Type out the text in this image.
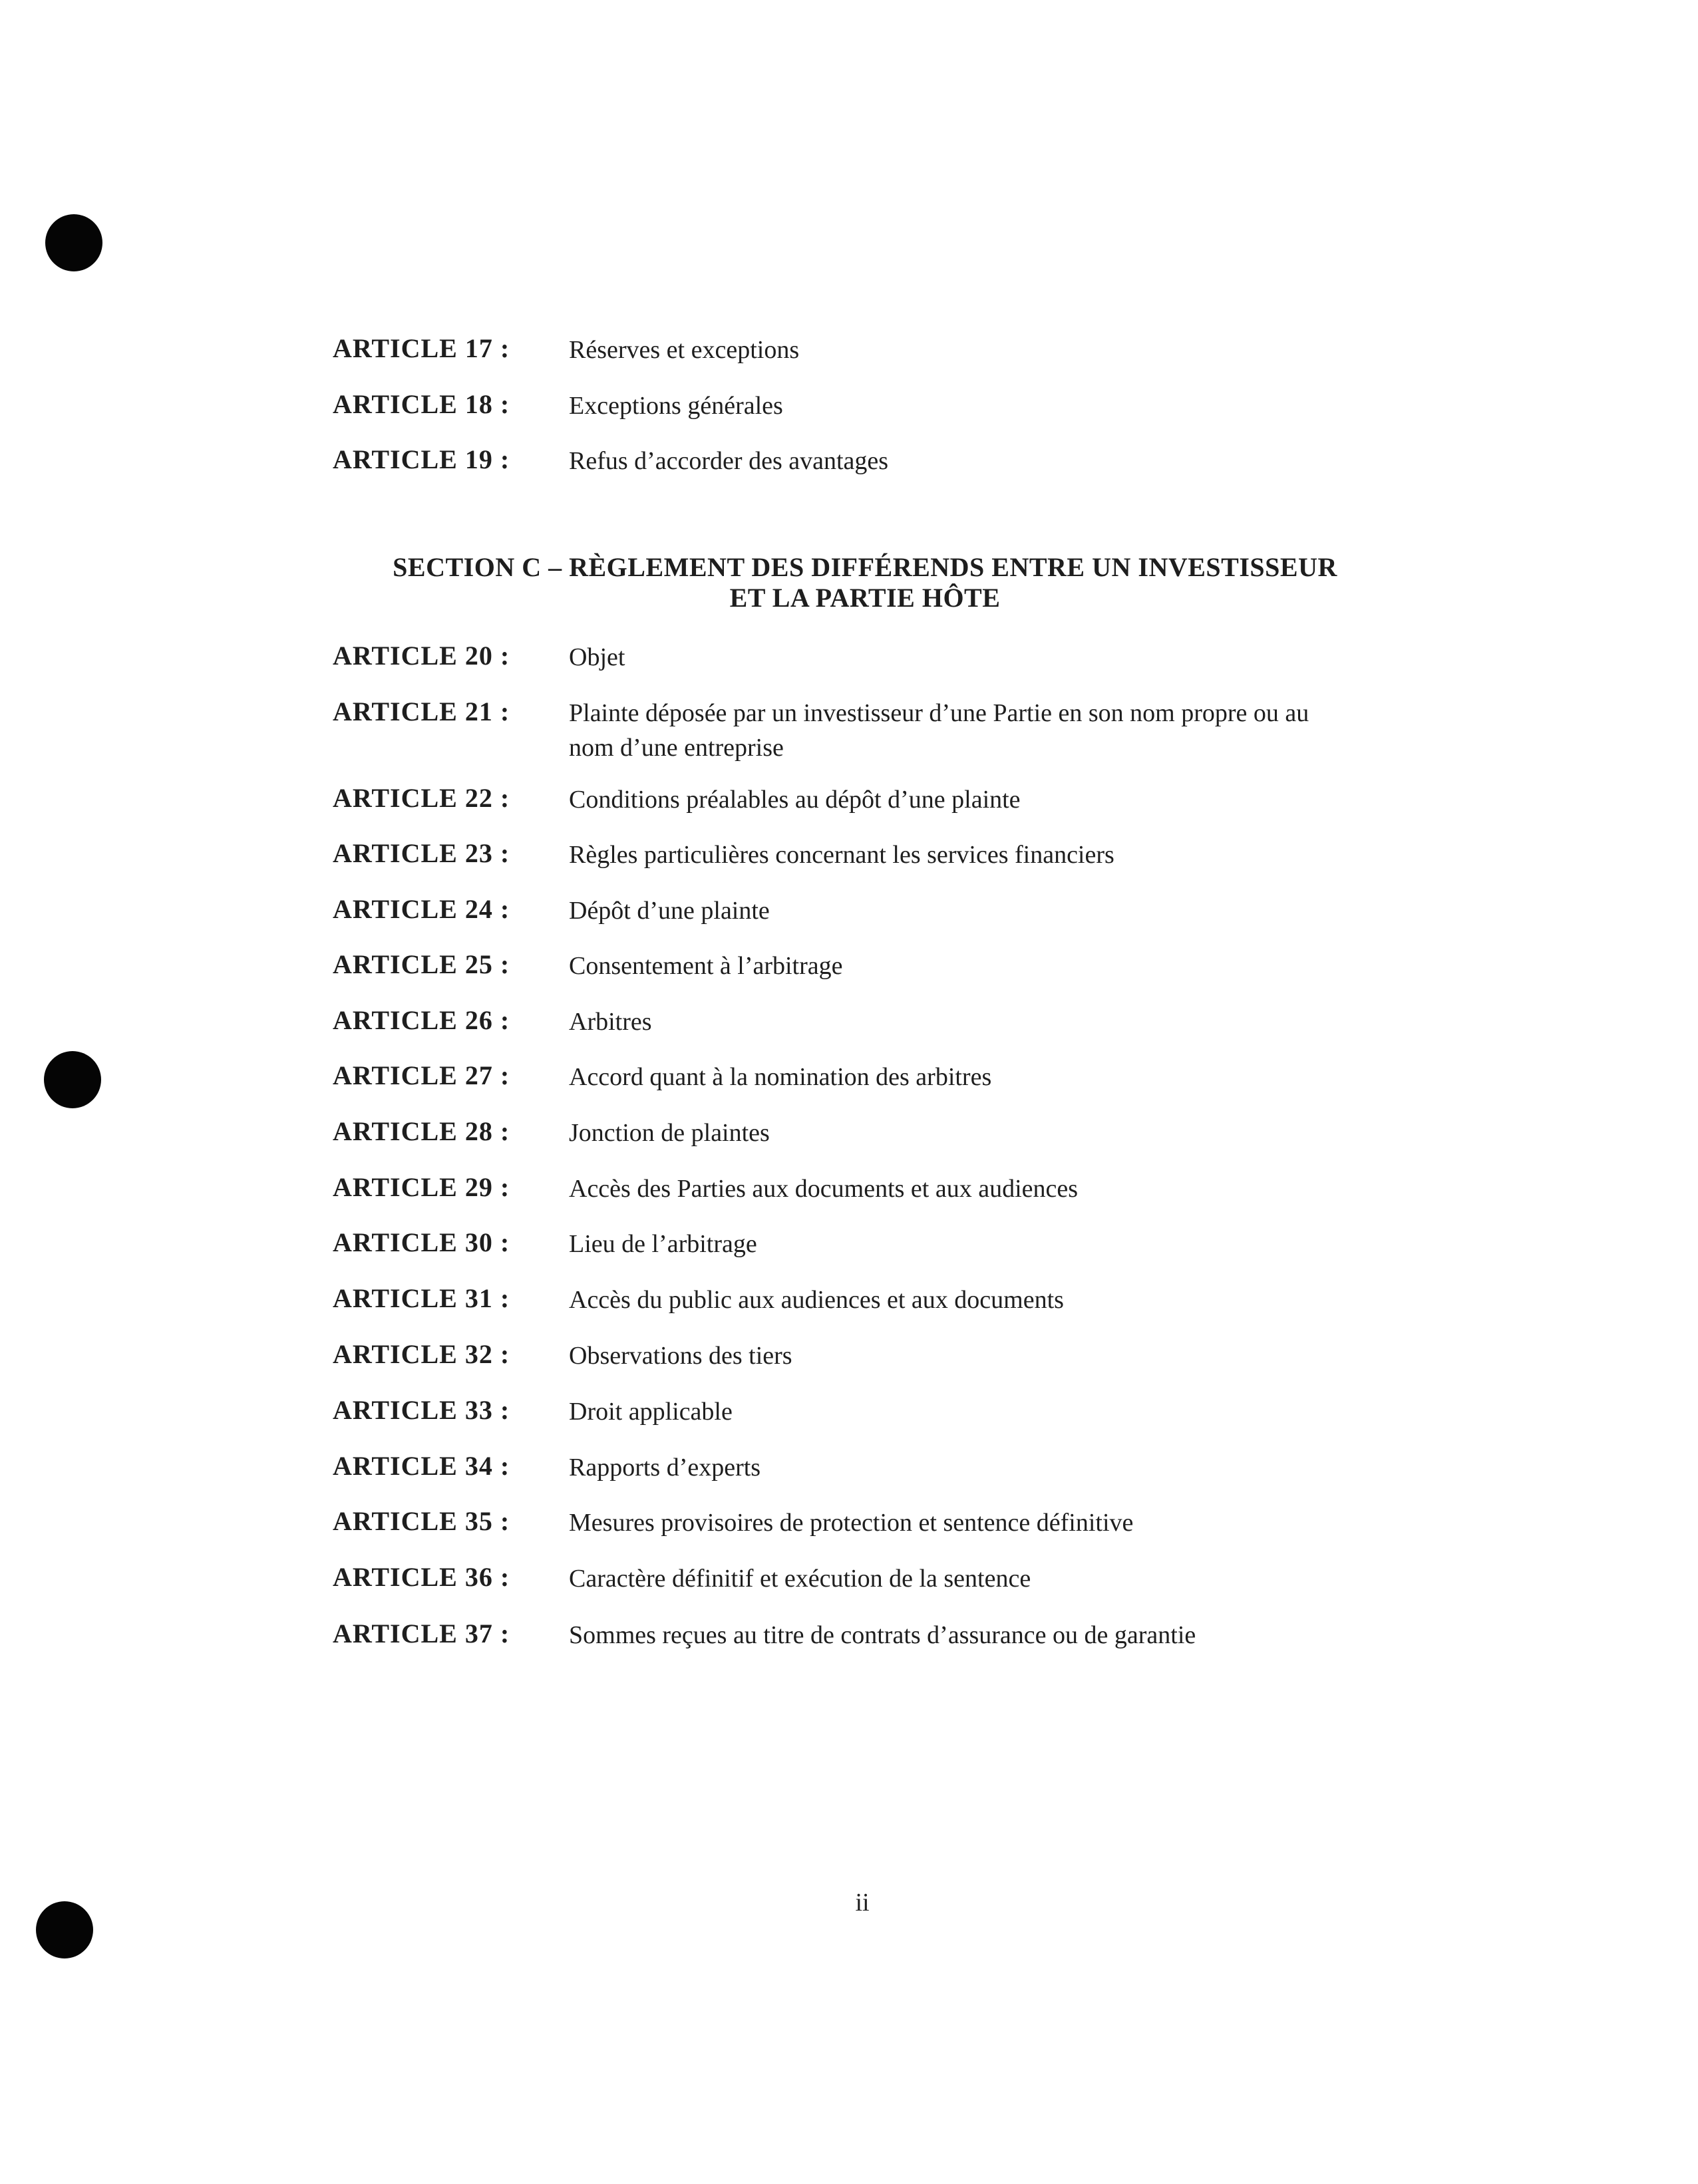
ARTICLE 17 : Réserves et exceptions
ARTICLE 18 : Exceptions générales
ARTICLE 19 : Refus d’accorder des avantages
SECTION C – RÈGLEMENT DES DIFFÉRENDS ENTRE UN INVESTISSEUR
ET LA PARTIE HÔTE
ARTICLE 20 : Objet
ARTICLE 21 : Plainte déposée par un investisseur d’une Partie en son nom propre ou au nom d’une entreprise
ARTICLE 22 : Conditions préalables au dépôt d’une plainte
ARTICLE 23 : Règles particulières concernant les services financiers
ARTICLE 24 : Dépôt d’une plainte
ARTICLE 25 : Consentement à l’arbitrage
ARTICLE 26 : Arbitres
ARTICLE 27 : Accord quant à la nomination des arbitres
ARTICLE 28 : Jonction de plaintes
ARTICLE 29 : Accès des Parties aux documents et aux audiences
ARTICLE 30 : Lieu de l’arbitrage
ARTICLE 31 : Accès du public aux audiences et aux documents
ARTICLE 32 : Observations des tiers
ARTICLE 33 : Droit applicable
ARTICLE 34 : Rapports d’experts
ARTICLE 35 : Mesures provisoires de protection et sentence définitive
ARTICLE 36 : Caractère définitif et exécution de la sentence
ARTICLE 37 : Sommes reçues au titre de contrats d’assurance ou de garantie
ii
